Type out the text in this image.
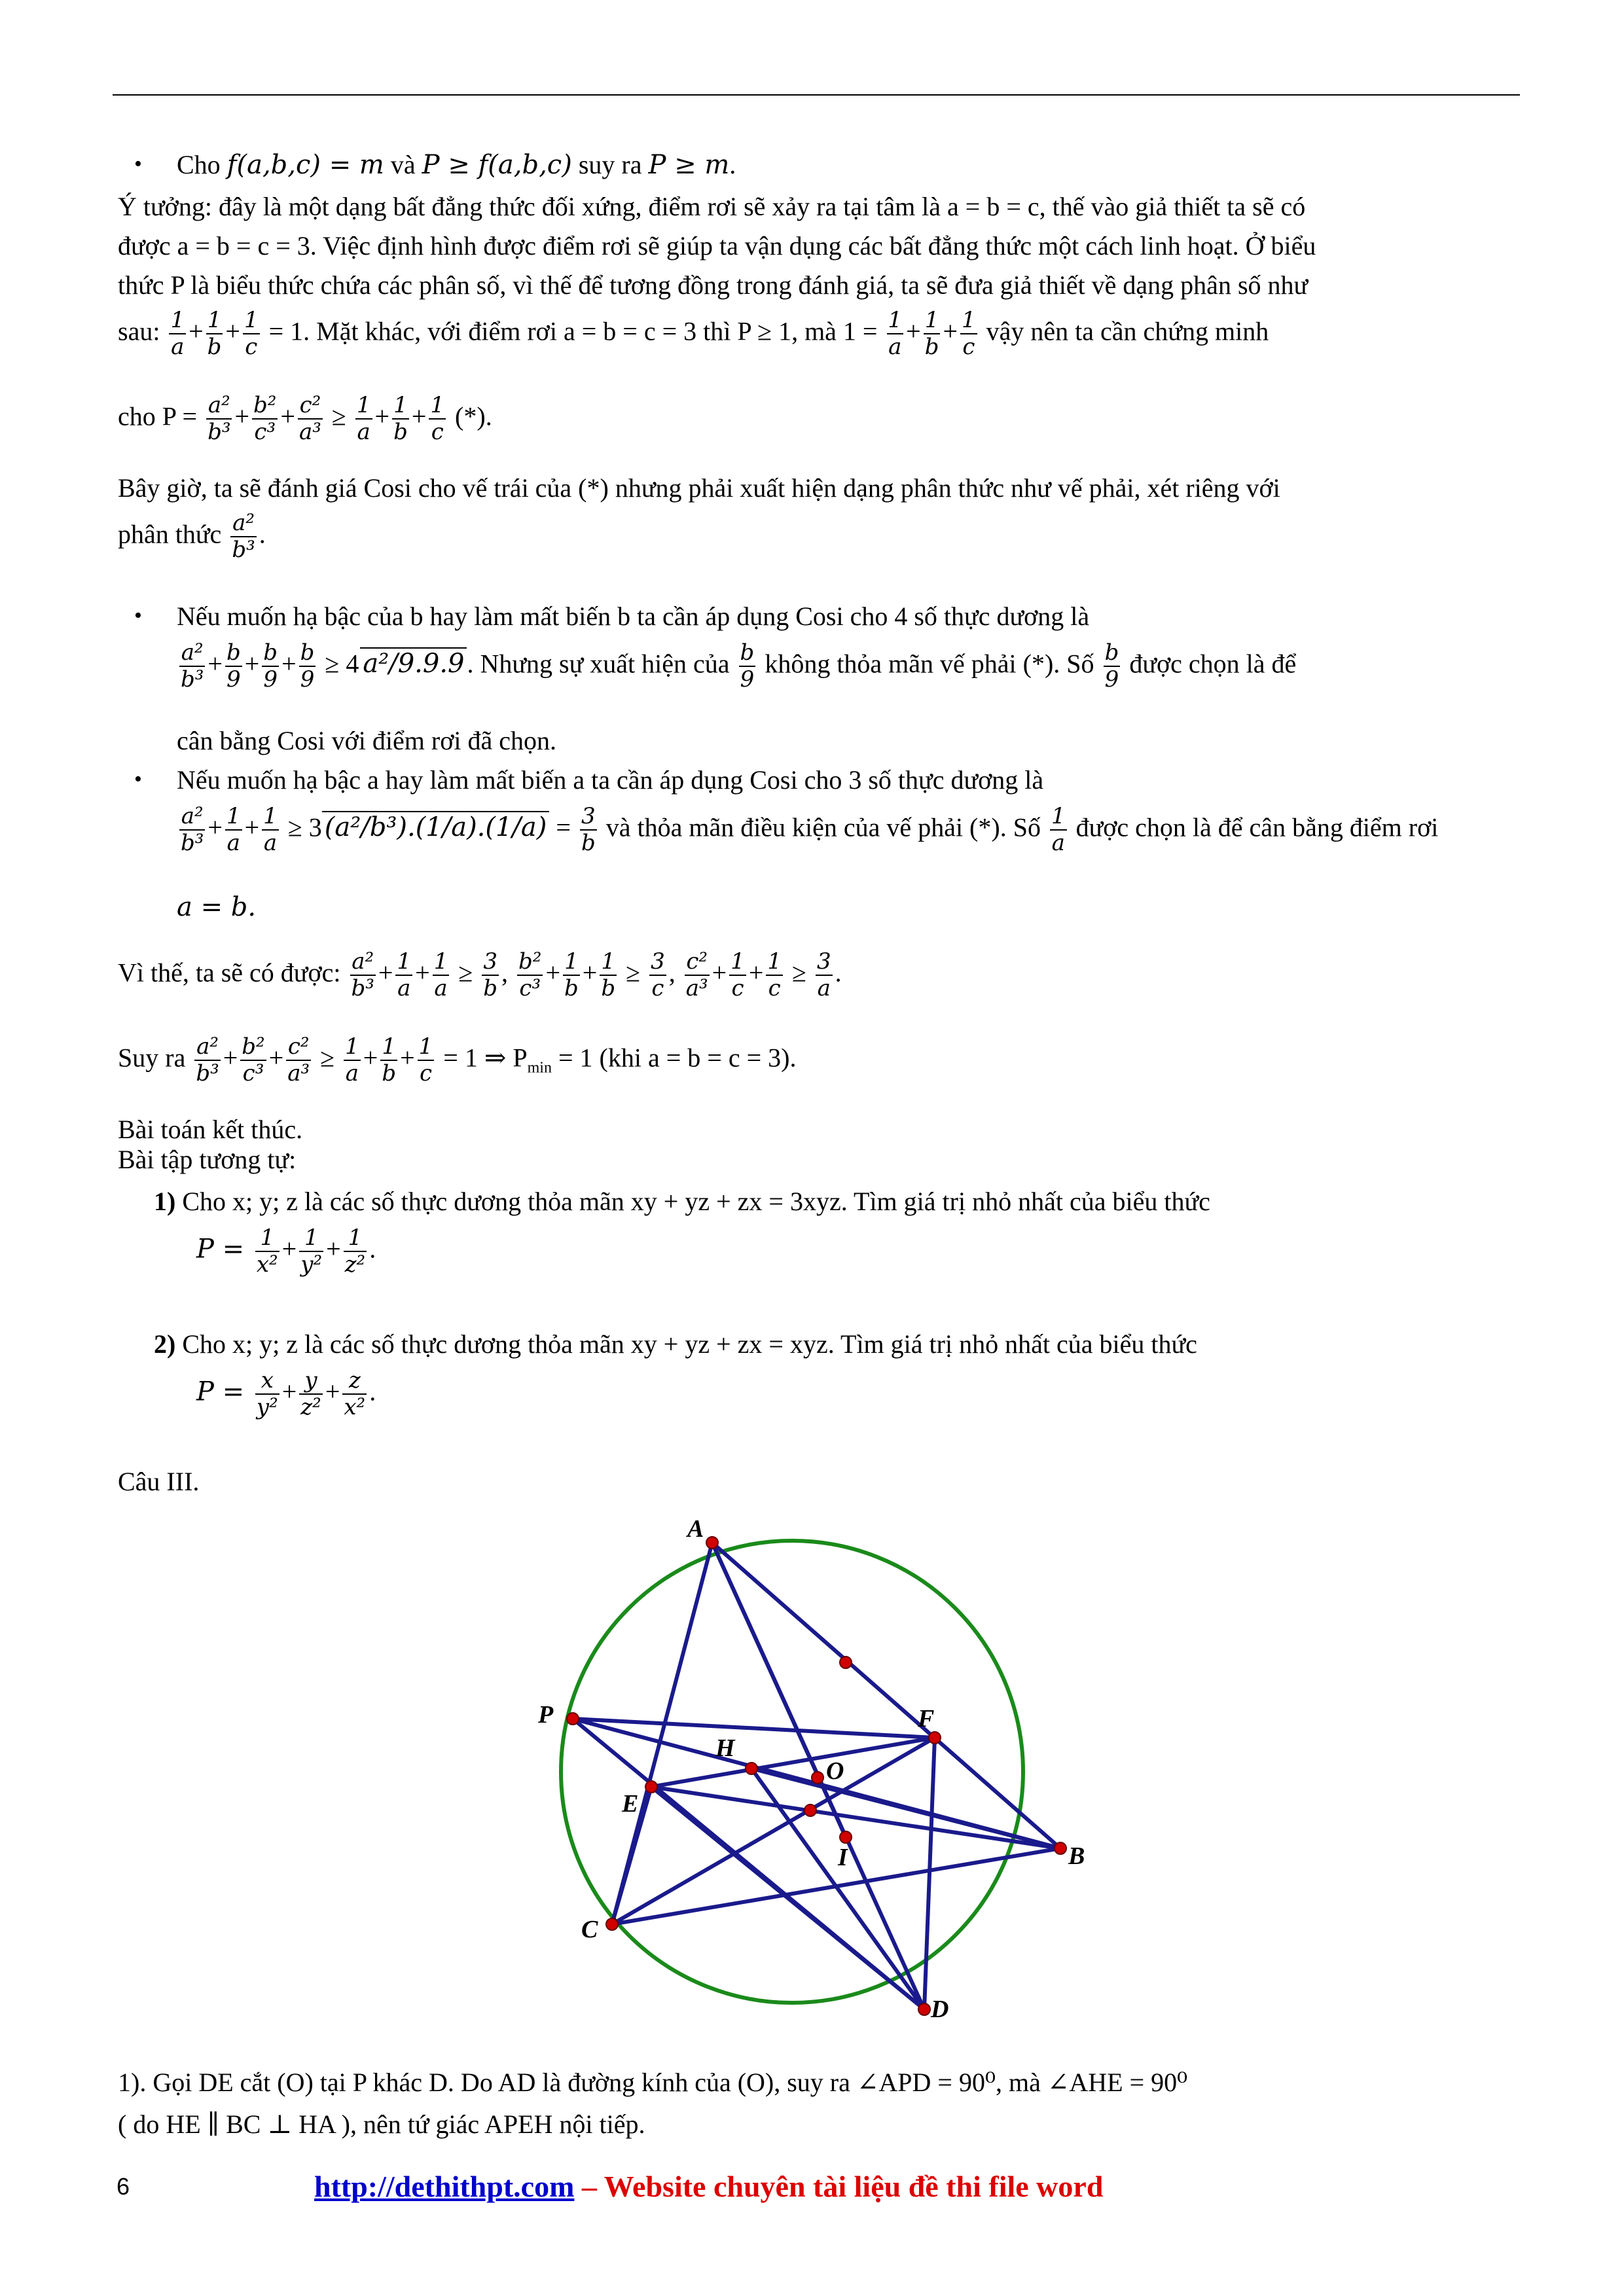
• Cho f(a,b,c) = m và P ≥ f(a,b,c) suy ra P ≥ m.
Ý tưởng: đây là một dạng bất đẳng thức đối xứng, điểm rơi sẽ xảy ra tại tâm là a = b = c, thế vào giả thiết ta sẽ có
được a = b = c = 3. Việc định hình được điểm rơi sẽ giúp ta vận dụng các bất đẳng thức một cách linh hoạt. Ở biểu
thức P là biểu thức chứa các phân số, vì thế để tương đồng trong đánh giá, ta sẽ đưa giả thiết về dạng phân số như
sau: $\frac{1}{a} + \frac{1}{b} + \frac{1}{c} = 1$. Mặt khác, với điểm rơi a = b = c = 3 thì P ≥ 1, mà $1 = \frac{1}{a} + \frac{1}{b} + \frac{1}{c}$ vậy nên ta cần chứng minh
cho $P = \frac{\text{a²}}{\text{b³}} + \frac{\text{b²}}{\text{c³}} + \frac{\text{c²}}{\text{a³}} \ge \frac{1}{a} + \frac{1}{b} + \frac{1}{c}$ (*).
Bây giờ, ta sẽ đánh giá Cosi cho vế trái của (*) nhưng phải xuất hiện dạng phân thức như vế phải, xét riêng với
phân thức $\frac{\text{a²}}{\text{b³}}$ .
• Nếu muốn hạ bậc của b hay làm mất biến b ta cần áp dụng Cosi cho 4 số thực dương là
$\frac{\text{a²}}{\text{b³}} + \frac{b}{9} + \frac{b}{9} + \frac{b}{9} \ge 4$ a²/9.9.9 . Nhưng sự xuất hiện của $\frac{b}{9}$ không thỏa mãn vế phải (*). Số $\frac{b}{9}$ được chọn là để
cân bằng Cosi với điểm rơi đã chọn.
• Nếu muốn hạ bậc a hay làm mất biến a ta cần áp dụng Cosi cho 3 số thực dương là
$\frac{\text{a²}}{\text{b³}} + \frac{1}{a} + \frac{1}{a} \ge 3$ $(a^2/b^3).(1/a).(1/a) = \frac{3}{b}$ và thỏa mãn điều kiện của vế phải (*). Số $\frac{1}{a}$ được chọn là để cân bằng điểm rơi
a = b.
Vì thế, ta sẽ có được: $\frac{\text{a²}}{\text{b³}} + \frac{1}{a} + \frac{1}{a} \ge \frac{3}{b}$ , $\frac{\text{b²}}{\text{c³}} + \frac{1}{b} + \frac{1}{b} \ge \frac{3}{c}$ , $\frac{\text{c²}}{\text{a³}} + \frac{1}{c} + \frac{1}{c} \ge \frac{3}{a}$ .
Suy ra $\frac{\text{a²}}{\text{b³}} + \frac{\text{b²}}{\text{c³}} + \frac{\text{c²}}{\text{a³}} \ge \frac{1}{a} + \frac{1}{b} + \frac{1}{c} = 1$ ⇒ $P_{min} = 1$ (khi a = b = c = 3).
Bài toán kết thúc.
Bài tập tương tự:
1) Cho x; y; z là các số thực dương thỏa mãn xy + yz + zx = 3xyz. Tìm giá trị nhỏ nhất của biểu thức
$P = \frac{1}{\text{x²}} + \frac{1}{\text{y²}} + \frac{1}{\text{z²}}$ .
2) Cho x; y; z là các số thực dương thỏa mãn xy + yz + zx = xyz. Tìm giá trị nhỏ nhất của biểu thức
$P = \frac{x}{\text{y²}} + \frac{y}{\text{z²}} + \frac{z}{\text{x²}}$ .
Câu III.
A
B
C
D
E
F
H
O
I
P
1). Gọi DE cắt (O) tại P khác D. Do AD là đường kính của (O), suy ra ∠APD = 90⁰, mà ∠AHE = 90⁰
( do HE ∥ BC ⊥ HA ), nên tứ giác APEH nội tiếp.
6	http://dethithpt.com – Website chuyên tài liệu đề thi file word
